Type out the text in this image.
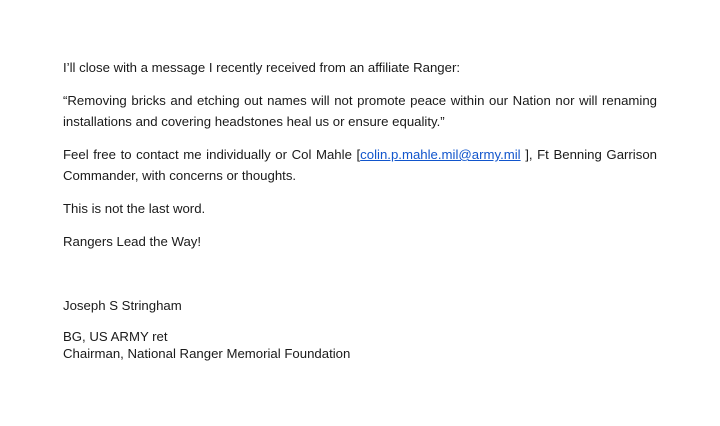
I’ll close with a message I recently received from an affiliate Ranger:

“Removing bricks and etching out names will not promote peace within our Nation nor will renaming installations and covering headstones heal us or ensure equality.”

Feel free to contact me individually or Col Mahle [colin.p.mahle.mil@army.mil ], Ft Benning Garrison Commander, with concerns or thoughts.

This is not the last word.

Rangers Lead the Way!

Joseph S Stringham

BG, US ARMY ret

Chairman, National Ranger Memorial Foundation
